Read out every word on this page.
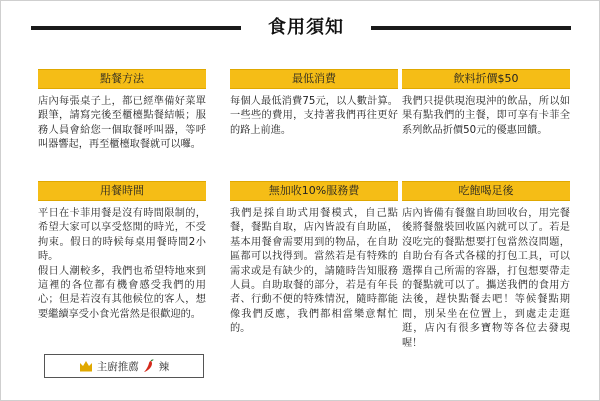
食用須知
點餐方法

店內每張桌子上，都已經準備好菜單跟筆，請寫完後至櫃檯點餐結帳；服務人員會給您一個取餐呼叫器，等呼叫器響起，再至櫃檯取餐就可以囉。

最低消費

每個人最低消費75元，以人數計算。一些些的費用，支持著我們再往更好的路上前進。

飲料折價$50

我們只提供現泡現沖的飲品，所以如果有點我們的主餐，即可享有卡菲全系列飲品折價50元的優惠回饋。

用餐時間

平日在卡菲用餐是沒有時間限制的，希望大家可以享受悠閒的時光，不受拘束。假日的時候每桌用餐時間2小時。

假日人潮較多，我們也希望特地來到這裡的各位都有機會感受我們的用心；但是若沒有其他候位的客人，想要繼續享受小食光當然是很歡迎的。

無加收10%服務費

我們是採自助式用餐模式，自己點餐，餐點自取，店內皆設有自助區，基本用餐會需要用到的物品，在自助區都可以找得到。當然若是有特殊的需求或是有缺少的，請隨時告知服務人員。自助取餐的部分，若是有年長者、行動不便的特殊情況，隨時都能像我們反應，我們都相當樂意幫忙的。

吃飽喝足後

店內皆備有餐盤自助回收台，用完餐後將餐盤裝回收區內就可以了。若是沒吃完的餐點想要打包當然沒問題，自助台有各式各樣的打包工具，可以選擇自己所需的容器，打包想要帶走的餐點就可以了。攜送我們的食用方法後，趕快點餐去吧！等候餐點期間，別呆坐在位置上，到處走走逛逛，店內有很多寶物等各位去發現喔！

主廚推薦 辣
